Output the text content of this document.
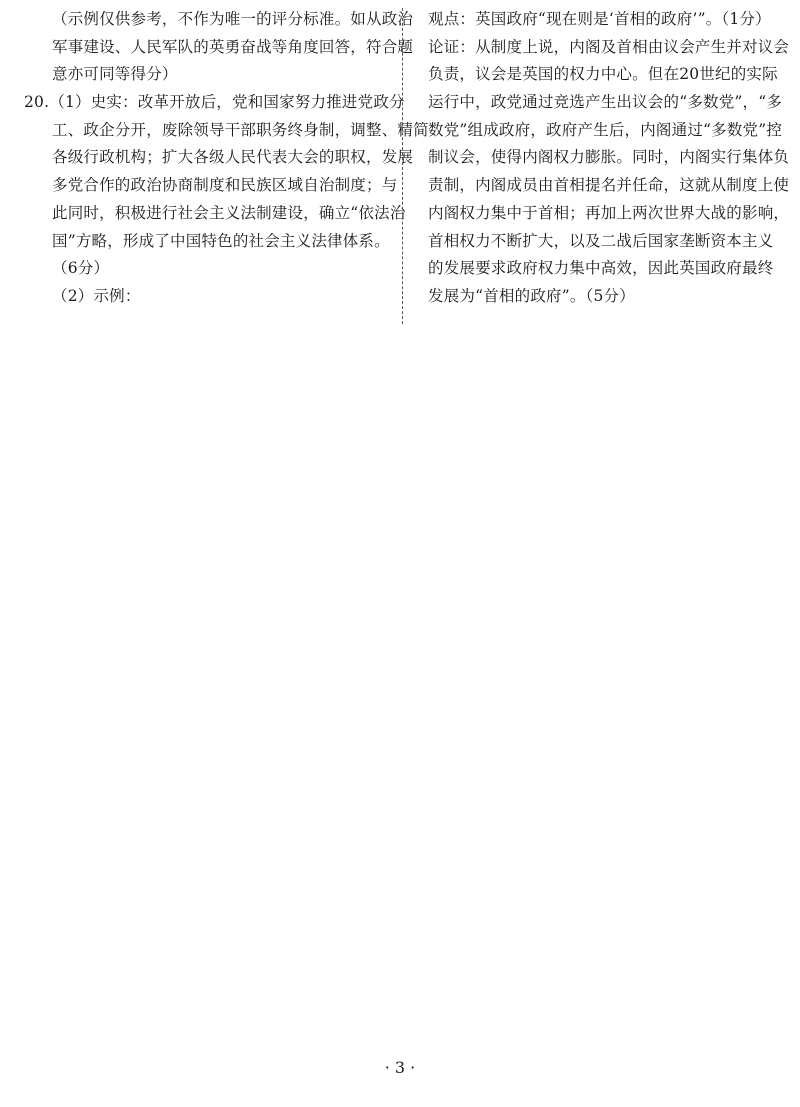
（示例仅供参考，不作为唯一的评分标准。如从政治
军事建设、人民军队的英勇奋战等角度回答，符合题
意亦可同等得分）
20.（1）史实：改革开放后，党和国家努力推进党政分
工、政企分开，废除领导干部职务终身制，调整、精简
各级行政机构；扩大各级人民代表大会的职权，发展
多党合作的政治协商制度和民族区域自治制度；与
此同时，积极进行社会主义法制建设，确立“依法治
国”方略，形成了中国特色的社会主义法律体系。
（6分）
（2）示例：
观点：英国政府“现在则是‘首相的政府’”。（1分）
论证：从制度上说，内阁及首相由议会产生并对议会
负责，议会是英国的权力中心。但在20世纪的实际
运行中，政党通过竞选产生出议会的“多数党”，“多
数党”组成政府，政府产生后，内阁通过“多数党”控
制议会，使得内阁权力膨胀。同时，内阁实行集体负
责制，内阁成员由首相提名并任命，这就从制度上使
内阁权力集中于首相；再加上两次世界大战的影响，
首相权力不断扩大，以及二战后国家垄断资本主义
的发展要求政府权力集中高效，因此英国政府最终
发展为“首相的政府”。（5分）
· 3 ·
